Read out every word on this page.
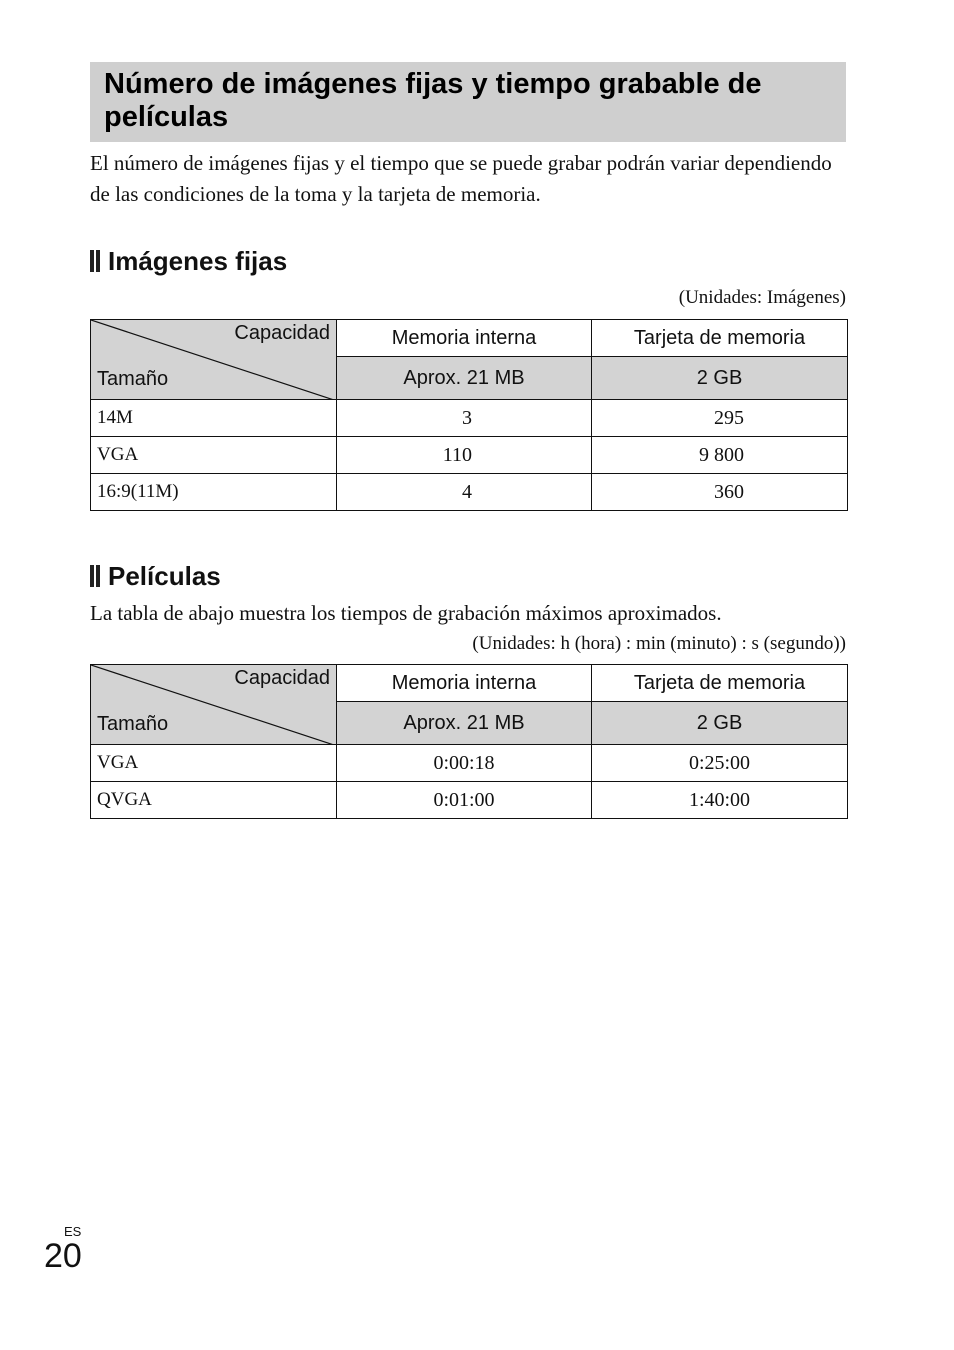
Número de imágenes fijas y tiempo grabable de películas

El número de imágenes fijas y el tiempo que se puede grabar podrán variar dependiendo de las condiciones de la toma y la tarjeta de memoria.

Imágenes fijas

(Unidades: Imágenes)

Capacidad
Tamaño	Memoria interna	Tarjeta de memoria
	Aprox. 21 MB	2 GB
14M	3	295
VGA	110	9 800
16:9(11M)	4	360
Películas

La tabla de abajo muestra los tiempos de grabación máximos aproximados.

(Unidades: h (hora) : min (minuto) : s (segundo))

Capacidad
Tamaño	Memoria interna	Tarjeta de memoria
	Aprox. 21 MB	2 GB
VGA	0:00:18	0:25:00
QVGA	0:01:00	1:40:00
ES
20
